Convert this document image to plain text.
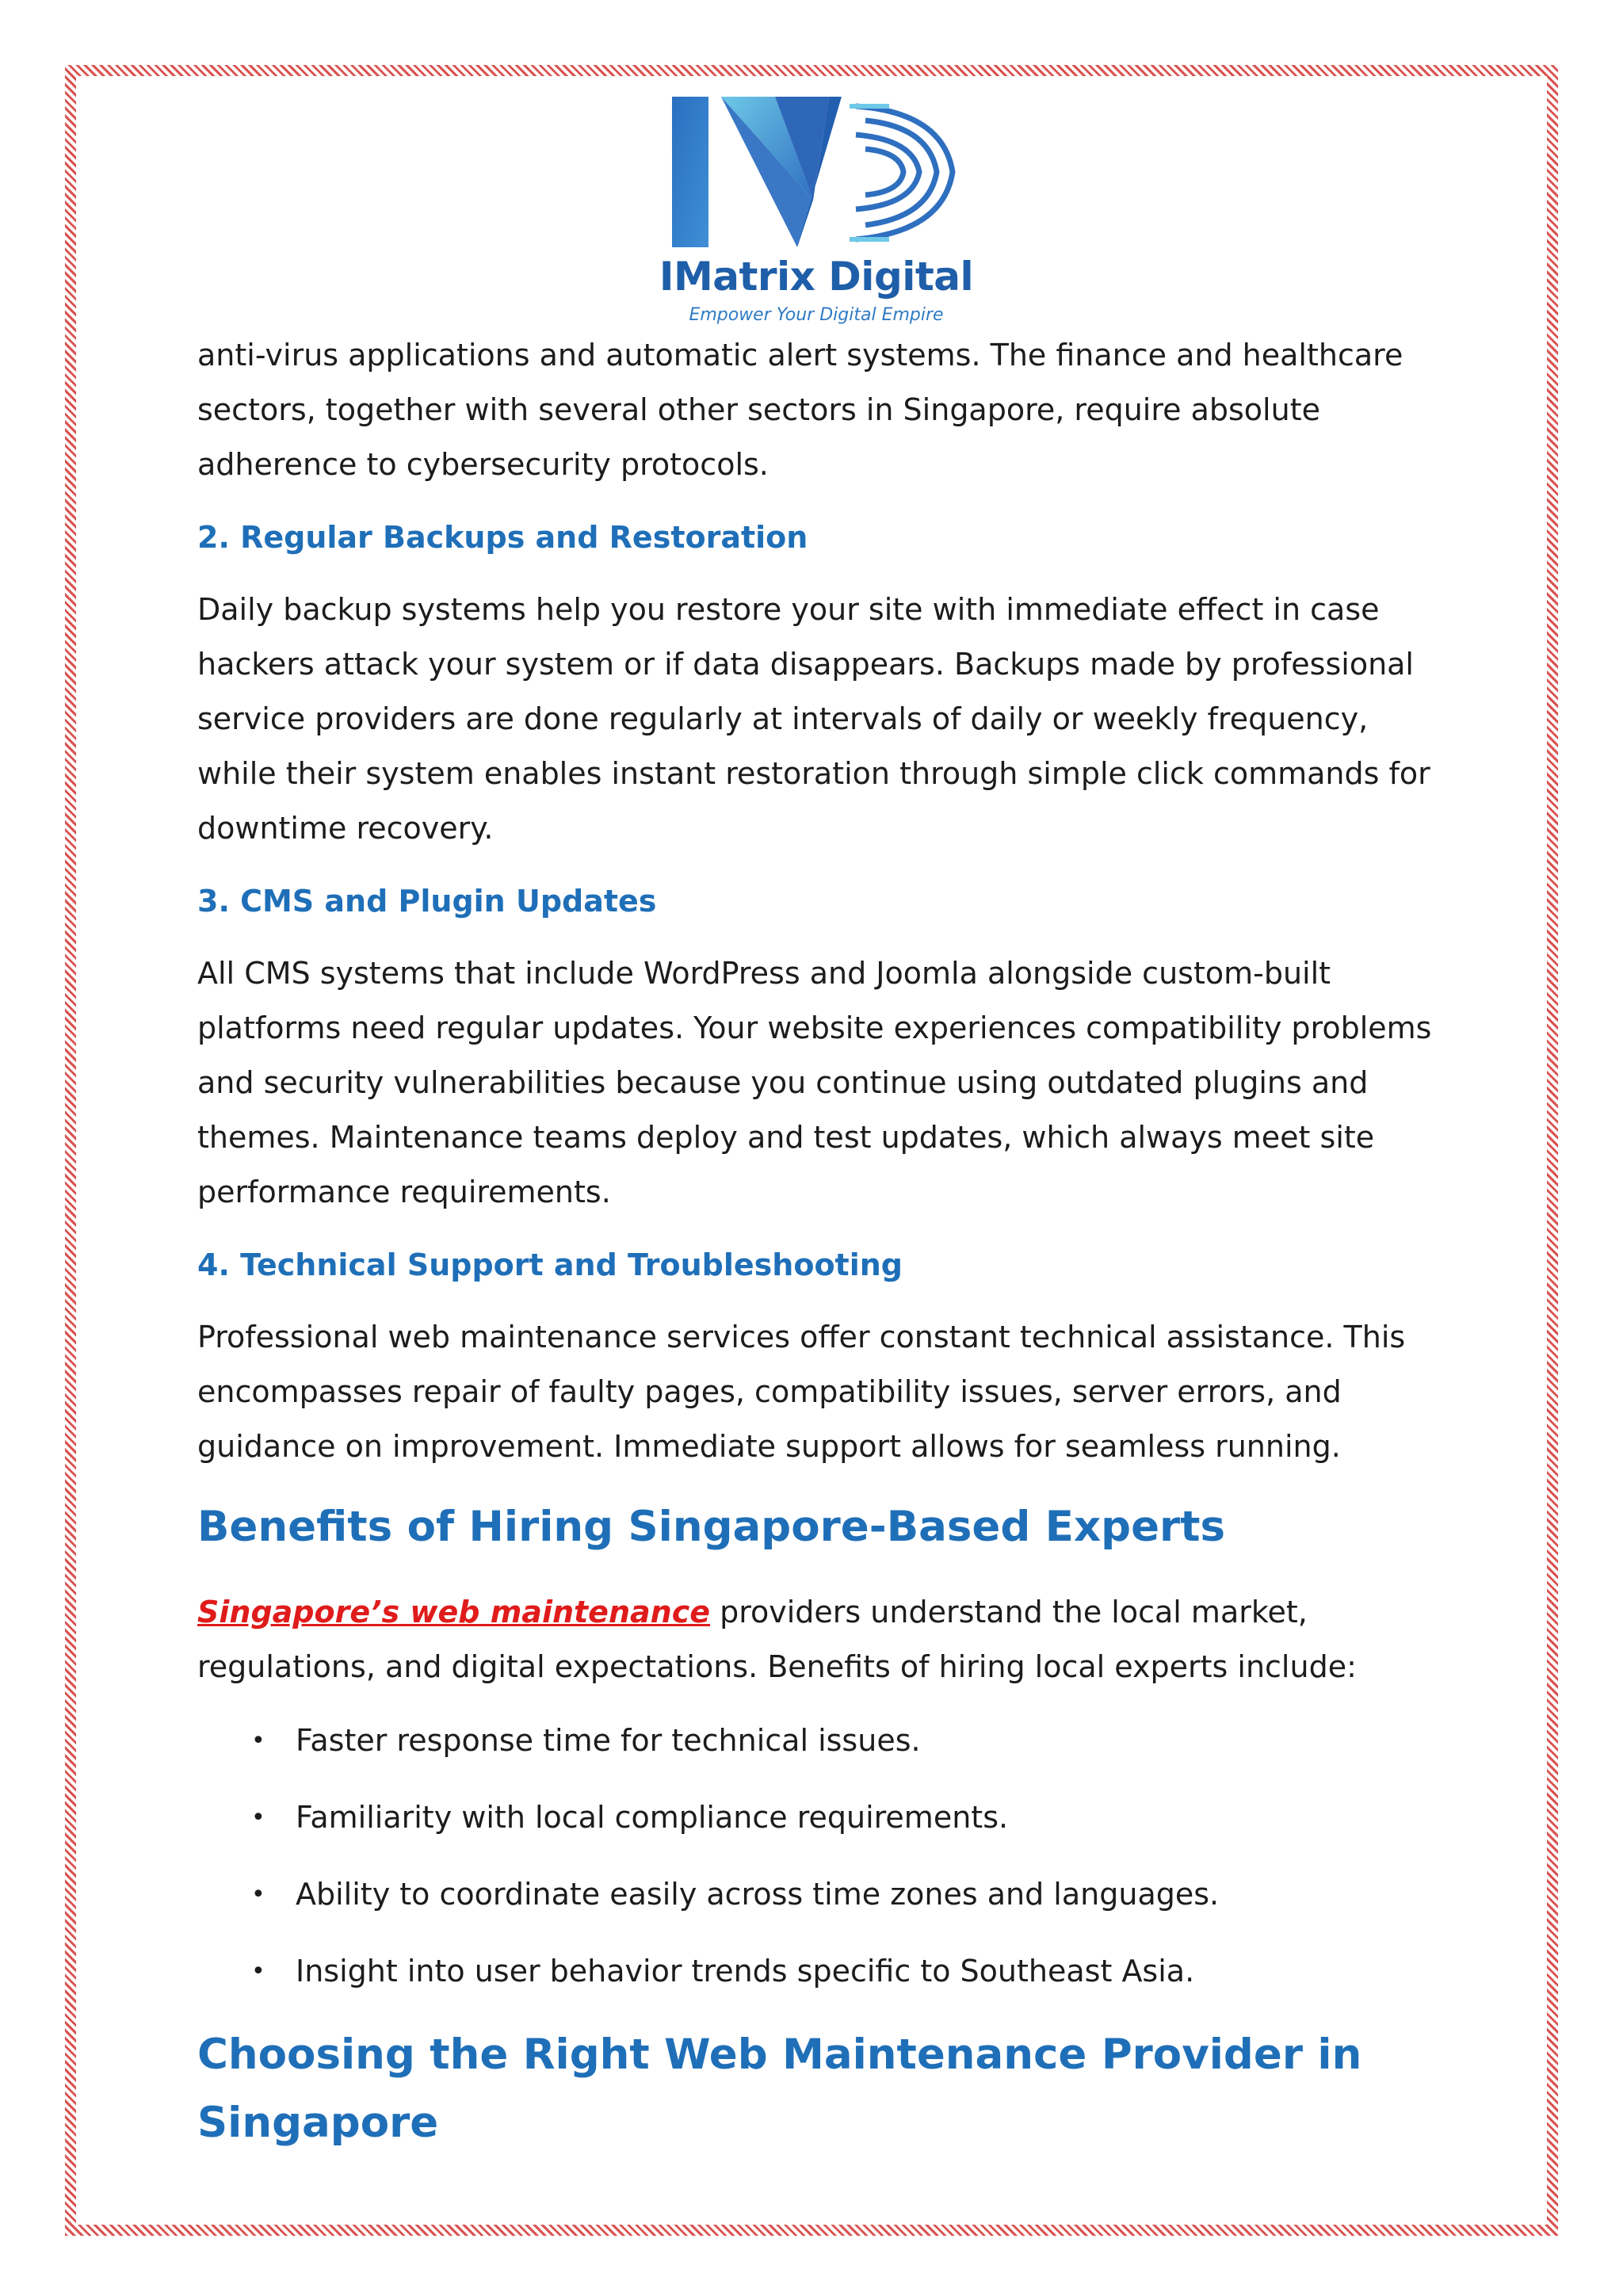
IMatrix Digital
Empower Your Digital Empire

anti-virus applications and automatic alert systems. The finance and healthcare sectors, together with several other sectors in Singapore, require absolute adherence to cybersecurity protocols.

2. Regular Backups and Restoration

Daily backup systems help you restore your site with immediate effect in case hackers attack your system or if data disappears. Backups made by professional service providers are done regularly at intervals of daily or weekly frequency, while their system enables instant restoration through simple click commands for downtime recovery.

3. CMS and Plugin Updates

All CMS systems that include WordPress and Joomla alongside custom-built platforms need regular updates. Your website experiences compatibility problems and security vulnerabilities because you continue using outdated plugins and themes. Maintenance teams deploy and test updates, which always meet site performance requirements.

4. Technical Support and Troubleshooting

Professional web maintenance services offer constant technical assistance. This encompasses repair of faulty pages, compatibility issues, server errors, and guidance on improvement. Immediate support allows for seamless running.

Benefits of Hiring Singapore-Based Experts

Singapore’s web maintenance providers understand the local market, regulations, and digital expectations. Benefits of hiring local experts include:

• Faster response time for technical issues.
• Familiarity with local compliance requirements.
• Ability to coordinate easily across time zones and languages.
• Insight into user behavior trends specific to Southeast Asia.
Choosing the Right Web Maintenance Provider in Singapore
